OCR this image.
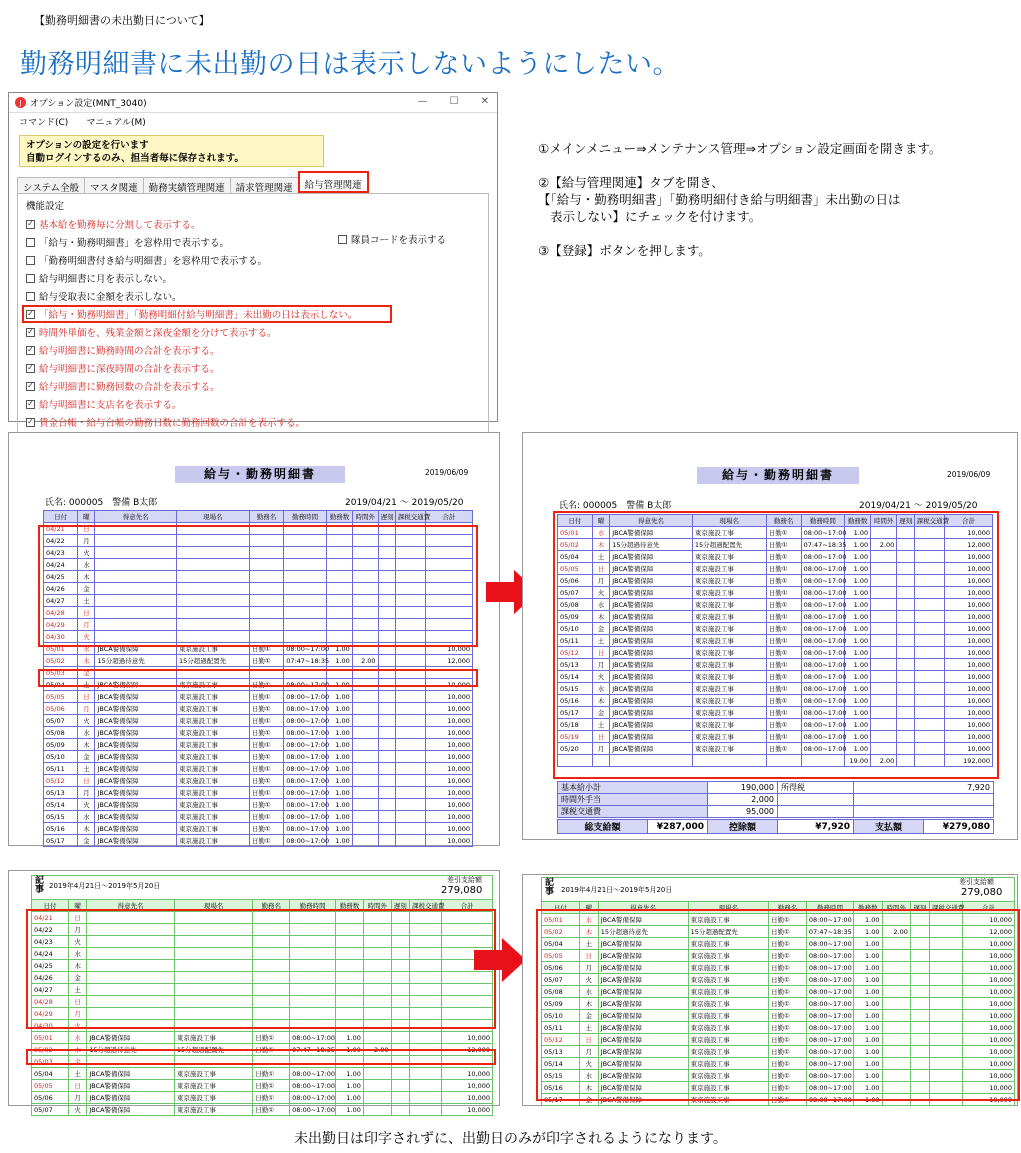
【勤務明細書の未出勤日について】
勤務明細書に未出勤の日は表示しないようにしたい。
J オプション設定(MNT_3040)	— ☐ ✕
コマンド(C) マニュアル(M)
オプションの設定を行います
自動ログインするのみ、担当者毎に保存されます。
システム全般	マスタ関連	勤務実績管理関連	請求管理関連	給与管理関連
機能設定
✓ 基本給を勤務毎に分割して表示する。
「給与・勤務明細書」を窓枠用で表示する。
「勤務明細書付き給与明細書」を窓枠用で表示する。
給与明細書に月を表示しない。
給与受取表に金額を表示しない。
✓ 「給与・勤務明細書」「勤務明細付給与明細書」未出勤の日は表示しない。
✓ 時間外単価を、残業金額と深夜金額を分けて表示する。
✓ 給与明細書に勤務時間の合計を表示する。
✓ 給与明細書に深夜時間の合計を表示する。
✓ 給与明細書に勤務回数の合計を表示する。
✓ 給与明細書に支店名を表示する。
✓ 賃金台帳・給与台帳の勤務日数に勤務回数の合計を表示する。
隊員コードを表示する

①メインメニュー⇒メンテナンス管理⇒オプション設定画面を開きます。

②【給与管理関連】タブを開き、
【「給与・勤務明細書」「勤務明細付き給与明細書」未出勤の日は

表示しない】にチェックを付けます。

③【登録】ボタンを押します。

給与・勤務明細書	2019/06/09
氏名: 000005　警備 B太郎	2019/04/21 ～ 2019/05/20
日付	曜	得意先名	現場名	勤務名	勤務時間	勤務数	時間外	遅刻	課税交通費	合計
04/21	日									
04/22	月									
04/23	火									
04/24	水									
04/25	木									
04/26	金									
04/27	土									
04/28	日									
04/29	月									
04/30	火									
05/01	水	JBCA警備保障	東京施設工事	日勤①	08:00~17:00	1.00				10,000
05/02	木	15分超過待意先	15分超過配置先	日勤①	07:47~18:35	1.00	2.00			12,000
05/03	金									
05/04	土	JBCA警備保障	東京施設工事	日勤①	08:00~17:00	1.00				10,000
05/05	日	JBCA警備保障	東京施設工事	日勤①	08:00~17:00	1.00				10,000
05/06	月	JBCA警備保障	東京施設工事	日勤①	08:00~17:00	1.00				10,000
05/07	火	JBCA警備保障	東京施設工事	日勤①	08:00~17:00	1.00				10,000
05/08	水	JBCA警備保障	東京施設工事	日勤①	08:00~17:00	1.00				10,000
05/09	木	JBCA警備保障	東京施設工事	日勤①	08:00~17:00	1.00				10,000
05/10	金	JBCA警備保障	東京施設工事	日勤①	08:00~17:00	1.00				10,000
05/11	土	JBCA警備保障	東京施設工事	日勤①	08:00~17:00	1.00				10,000
05/12	日	JBCA警備保障	東京施設工事	日勤①	08:00~17:00	1.00				10,000
05/13	月	JBCA警備保障	東京施設工事	日勤①	08:00~17:00	1.00				10,000
05/14	火	JBCA警備保障	東京施設工事	日勤①	08:00~17:00	1.00				10,000
05/15	水	JBCA警備保障	東京施設工事	日勤①	08:00~17:00	1.00				10,000
05/16	木	JBCA警備保障	東京施設工事	日勤①	08:00~17:00	1.00				10,000
05/17	金	JBCA警備保障	東京施設工事	日勤①	08:00~17:00	1.00				10,000
給与・勤務明細書	2019/06/09
氏名: 000005　警備 B太郎	2019/04/21 ～ 2019/05/20
日付	曜	得意先名	現場名	勤務名	勤務時間	勤務数	時間外	遅刻	課税交通費	合計
05/01	水	JBCA警備保障	東京施設工事	日勤①	08:00~17:00	1.00				10,000
05/02	木	15分超過待意先	15分超過配置先	日勤①	07:47~18:35	1.00	2.00			12,000
05/04	土	JBCA警備保障	東京施設工事	日勤①	08:00~17:00	1.00				10,000
05/05	日	JBCA警備保障	東京施設工事	日勤①	08:00~17:00	1.00				10,000
05/06	月	JBCA警備保障	東京施設工事	日勤①	08:00~17:00	1.00				10,000
05/07	火	JBCA警備保障	東京施設工事	日勤①	08:00~17:00	1.00				10,000
05/08	水	JBCA警備保障	東京施設工事	日勤①	08:00~17:00	1.00				10,000
05/09	木	JBCA警備保障	東京施設工事	日勤①	08:00~17:00	1.00				10,000
05/10	金	JBCA警備保障	東京施設工事	日勤①	08:00~17:00	1.00				10,000
05/11	土	JBCA警備保障	東京施設工事	日勤①	08:00~17:00	1.00				10,000
05/12	日	JBCA警備保障	東京施設工事	日勤①	08:00~17:00	1.00				10,000
05/13	月	JBCA警備保障	東京施設工事	日勤①	08:00~17:00	1.00				10,000
05/14	火	JBCA警備保障	東京施設工事	日勤①	08:00~17:00	1.00				10,000
05/15	水	JBCA警備保障	東京施設工事	日勤①	08:00~17:00	1.00				10,000
05/16	木	JBCA警備保障	東京施設工事	日勤①	08:00~17:00	1.00				10,000
05/17	金	JBCA警備保障	東京施設工事	日勤①	08:00~17:00	1.00				10,000
05/18	土	JBCA警備保障	東京施設工事	日勤①	08:00~17:00	1.00				10,000
05/19	日	JBCA警備保障	東京施設工事	日勤①	08:00~17:00	1.00				10,000
05/20	月	JBCA警備保障	東京施設工事	日勤①	08:00~17:00	1.00				10,000
						19.00	2.00			192,000
基本給小計	190,000	所得税	7,920
時間外手当	2,000		
課税交通費	95,000		
総支給額	¥287,000	控除額	¥7,920	支払額	¥279,080
記事 2019年4月21日～2019年5月20日
差引支給額
279,080
日付	曜	得意先名	現場名	勤務名	勤務時間	勤務数	時間外	遅刻	課税交通費	合計
04/21	日									
04/22	月									
04/23	火									
04/24	水									
04/25	木									
04/26	金									
04/27	土									
04/28	日									
04/29	月									
04/30	火									
05/01	水	JBCA警備保障	東京施設工事	日勤①	08:00~17:00	1.00				10,000
05/02	木	15分超過待意先	15分超過配置先	日勤①	07:47~18:35	1.00	2.00			12,000
05/03	金									
05/04	土	JBCA警備保障	東京施設工事	日勤①	08:00~17:00	1.00				10,000
05/05	日	JBCA警備保障	東京施設工事	日勤①	08:00~17:00	1.00				10,000
05/06	月	JBCA警備保障	東京施設工事	日勤①	08:00~17:00	1.00				10,000
05/07	火	JBCA警備保障	東京施設工事	日勤①	08:00~17:00	1.00				10,000
記事 2019年4月21日～2019年5月20日
差引支給額
279,080
日付	曜	得意先名	現場名	勤務名	勤務時間	勤務数	時間外	遅刻	課税交通費	合計
05/01	水	JBCA警備保障	東京施設工事	日勤①	08:00~17:00	1.00				10,000
05/02	木	15分超過待意先	15分超過配置先	日勤①	07:47~18:35	1.00	2.00			12,000
05/04	土	JBCA警備保障	東京施設工事	日勤①	08:00~17:00	1.00				10,000
05/05	日	JBCA警備保障	東京施設工事	日勤①	08:00~17:00	1.00				10,000
05/06	月	JBCA警備保障	東京施設工事	日勤①	08:00~17:00	1.00				10,000
05/07	火	JBCA警備保障	東京施設工事	日勤①	08:00~17:00	1.00				10,000
05/08	水	JBCA警備保障	東京施設工事	日勤①	08:00~17:00	1.00				10,000
05/09	木	JBCA警備保障	東京施設工事	日勤①	08:00~17:00	1.00				10,000
05/10	金	JBCA警備保障	東京施設工事	日勤①	08:00~17:00	1.00				10,000
05/11	土	JBCA警備保障	東京施設工事	日勤①	08:00~17:00	1.00				10,000
05/12	日	JBCA警備保障	東京施設工事	日勤①	08:00~17:00	1.00				10,000
05/13	月	JBCA警備保障	東京施設工事	日勤①	08:00~17:00	1.00				10,000
05/14	火	JBCA警備保障	東京施設工事	日勤①	08:00~17:00	1.00				10,000
05/15	水	JBCA警備保障	東京施設工事	日勤①	08:00~17:00	1.00				10,000
05/16	木	JBCA警備保障	東京施設工事	日勤①	08:00~17:00	1.00				10,000
05/17	金	JBCA警備保障	東京施設工事	日勤①	08:00~17:00	1.00				10,000
未出勤日は印字されずに、出勤日のみが印字されるようになります。
